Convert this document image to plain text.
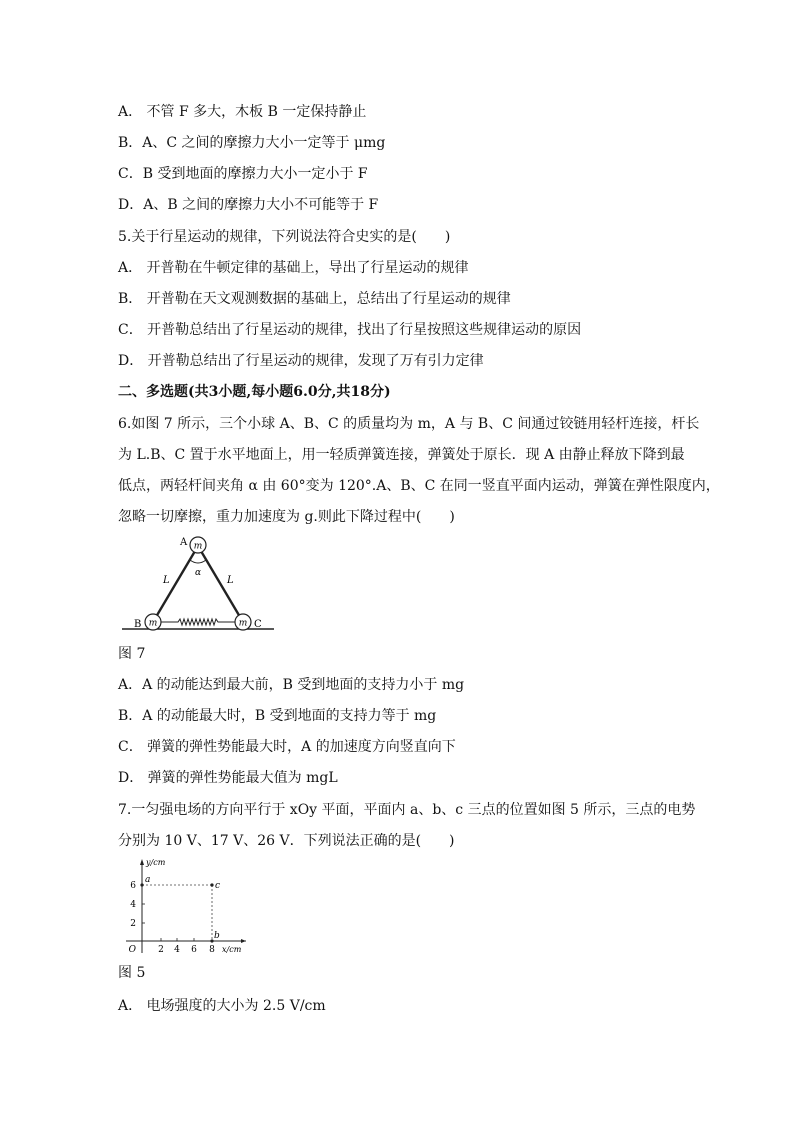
A． 不管 F 多大，木板 B 一定保持静止
B．A、C 之间的摩擦力大小一定等于 μmg
C．B 受到地面的摩擦力大小一定小于 F
D．A、B 之间的摩擦力大小不可能等于 F
5.关于行星运动的规律，下列说法符合史实的是(　　)
A． 开普勒在牛顿定律的基础上，导出了行星运动的规律
B． 开普勒在天文观测数据的基础上，总结出了行星运动的规律
C． 开普勒总结出了行星运动的规律，找出了行星按照这些规律运动的原因
D． 开普勒总结出了行星运动的规律，发现了万有引力定律
二、多选题(共3小题,每小题6.0分,共18分)
6.如图 7 所示，三个小球 A、B、C 的质量均为 m，A 与 B、C 间通过铰链用轻杆连接，杆长
为 L.B、C 置于水平地面上，用一轻质弹簧连接，弹簧处于原长．现 A 由静止释放下降到最
低点，两轻杆间夹角 α 由 60°变为 120°.A、B、C 在同一竖直平面内运动，弹簧在弹性限度内，
忽略一切摩擦，重力加速度为 g.则此下降过程中(　　)
m
m	m
A
B	C
L	L
α
图 7
A．A 的动能达到最大前，B 受到地面的支持力小于 mg
B．A 的动能最大时，B 受到地面的支持力等于 mg
C． 弹簧的弹性势能最大时，A 的加速度方向竖直向下
D． 弹簧的弹性势能最大值为 mgL
7.一匀强电场的方向平行于 xOy 平面，平面内 a、b、c 三点的位置如图 5 所示，三点的电势
分别为 10 V、17 V、26 V．下列说法正确的是(　　)
2 4 6 8
2
4
6
O
y/cm
x/cm
a
c
b
图 5
A． 电场强度的大小为 2.5 V/cm
